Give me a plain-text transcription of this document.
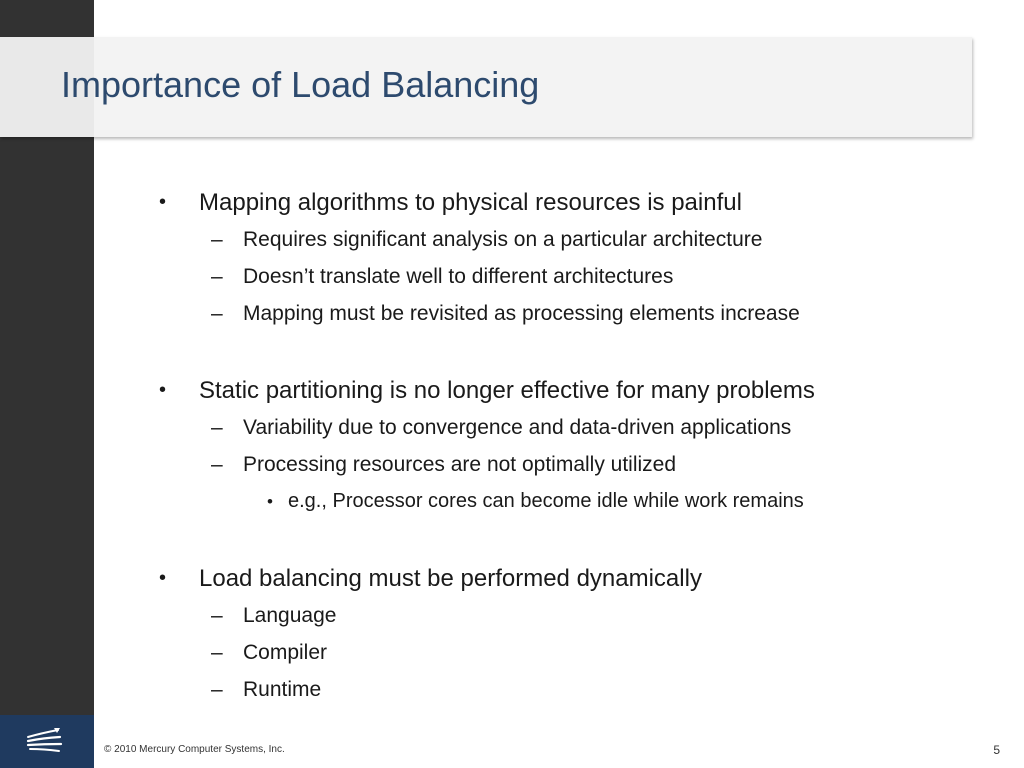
Importance of Load Balancing
• Mapping algorithms to physical resources is painful
– Requires significant analysis on a particular architecture
– Doesn’t translate well to different architectures
– Mapping must be revisited as processing elements increase
• Static partitioning is no longer effective for many problems
– Variability due to convergence and data-driven applications
– Processing resources are not optimally utilized
• e.g., Processor cores can become idle while work remains
• Load balancing must be performed dynamically
– Language
– Compiler
– Runtime
© 2010 Mercury Computer Systems, Inc.	5
